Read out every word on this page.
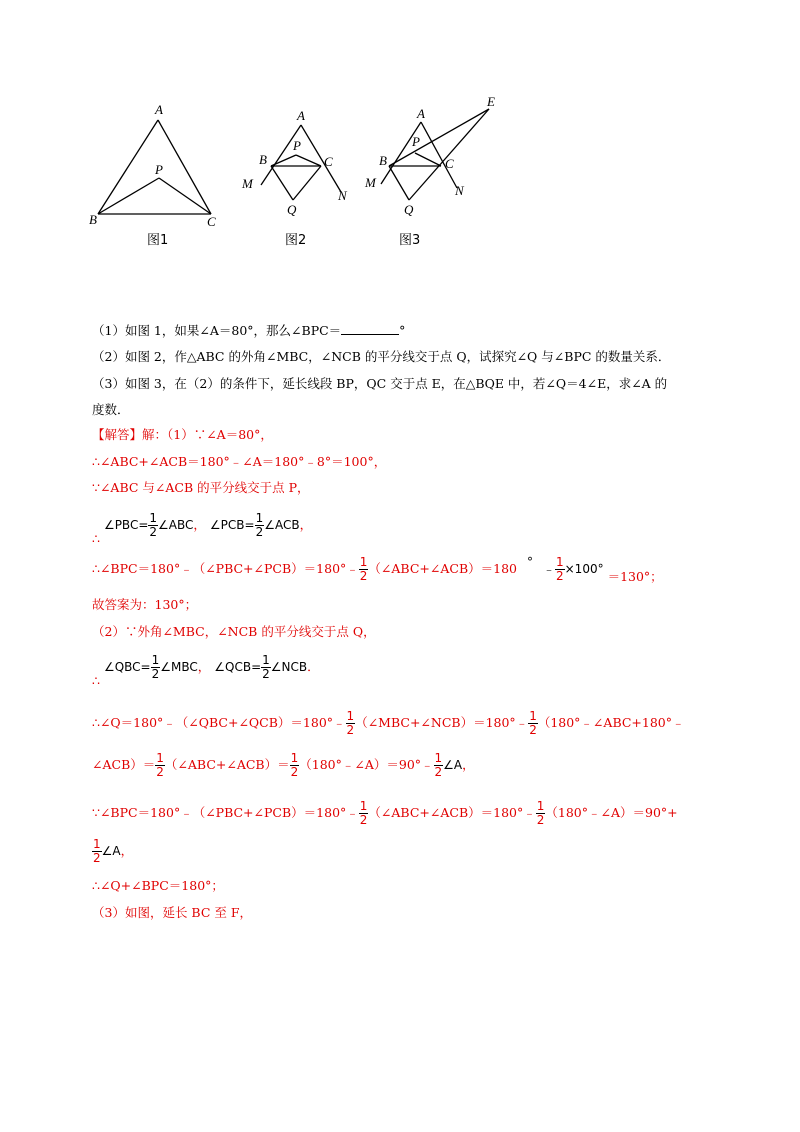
A
B	C
P
图1
A
B	C
P
Q
M
N
图2
A
B	C
P
Q
M
N
E
图3
（1）如图 1，如果∠A＝80°，那么∠BPC＝	°
（2）如图 2，作△ABC 的外角∠MBC，∠NCB 的平分线交于点 Q，试探究∠Q 与∠BPC 的数量关系．
（3）如图 3，在（2）的条件下，延长线段 BP，QC 交于点 E，在△BQE 中，若∠Q＝4∠E，求∠A 的
度数．
【解答】解：（1）∵∠A＝80°，
∴∠ABC+∠ACB＝180°﹣∠A＝180°﹣8°＝100°，
∵∠ABC 与∠ACB 的平分线交于点 P，
∴ ∠PBC= $\frac{1}{2}$ ∠ABC， ∠PCB= $\frac{1}{2}$ ∠ACB，
∴∠BPC＝180°﹣（∠PBC+∠PCB）＝180°﹣ $\frac{1}{2}$ （∠ABC+∠ACB）＝180 ° ﹣ $\frac{1}{2} \times 100^\circ =130^\circ$；
故答案为：130°；
（2）∵外角∠MBC，∠NCB 的平分线交于点 Q，
∴ ∠QBC= $\frac{1}{2}$ ∠MBC， ∠QCB= $\frac{1}{2}$ ∠NCB．
∴∠Q＝180°﹣（∠QBC+∠QCB）＝180°﹣ $\frac{1}{2}$ （∠MBC+∠NCB）＝180°﹣ $\frac{1}{2}$ （180°﹣∠ABC+180°﹣
∠ACB）＝ $\frac{1}{2}$ （∠ABC+∠ACB）＝ $\frac{1}{2}$ （180°﹣∠A）＝90°﹣ $\frac{1}{2}$ ∠A，
∵∠BPC＝180°﹣（∠PBC+∠PCB）＝180°﹣ $\frac{1}{2}$ （∠ABC+∠ACB）＝180°﹣ $\frac{1}{2}$ （180°﹣∠A）＝90°+
$\frac{1}{2}$ ∠A，
∴∠Q+∠BPC＝180°；
（3）如图，延长 BC 至 F，
